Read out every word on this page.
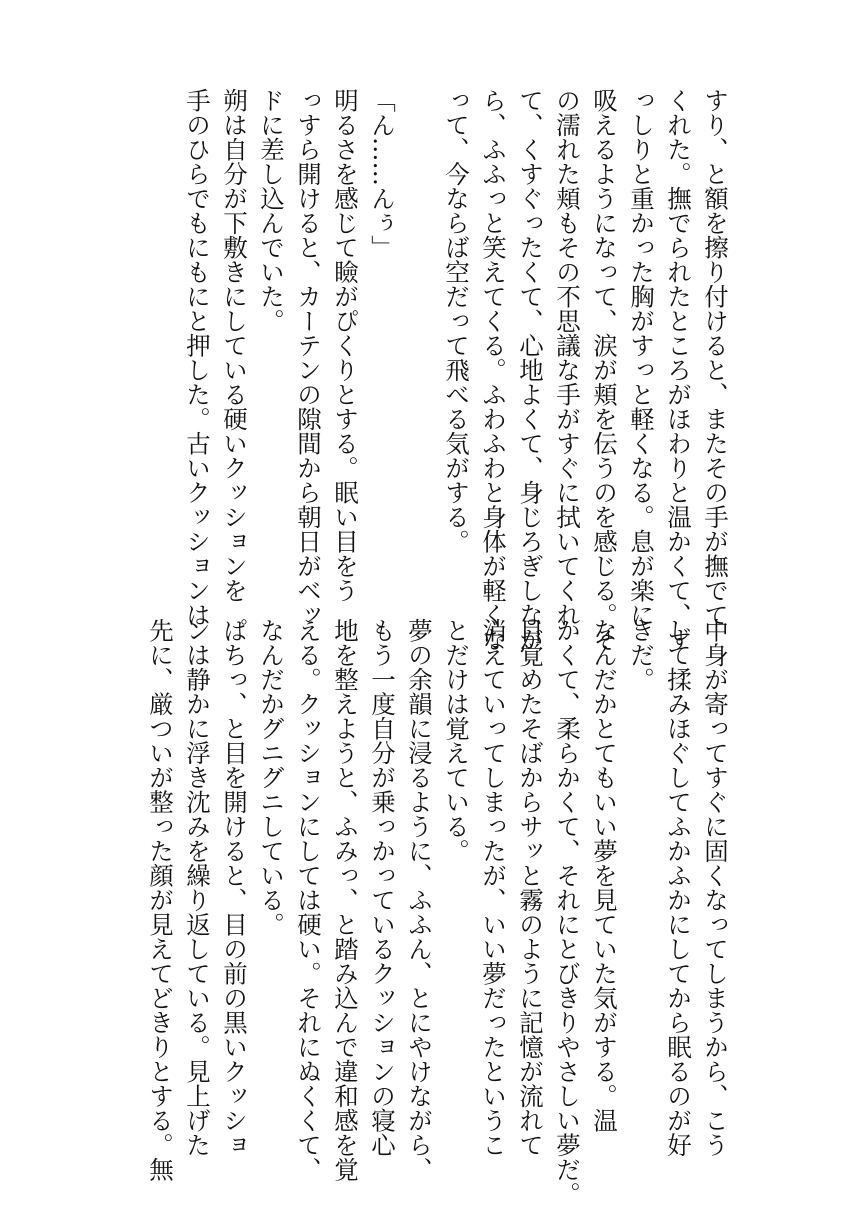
すり、と額を擦り付けると、またその手が撫でて
くれた。撫でられたところがほわりと温かくて、ず
っしりと重かった胸がすっと軽くなる。息が楽に
吸えるようになって、涙が頬を伝うのを感じる。そ
の濡れた頬もその不思議な手がすぐに拭いてくれ
て、くすぐったくて、心地よくて、身じろぎしなが
ら、ふふっと笑えてくる。ふわふわと身体が軽くな
って、今ならば空だって飛べる気がする。
「ん……んぅ」
明るさを感じて瞼がぴくりとする。眠い目をう
っすら開けると、カーテンの隙間から朝日がベッ
ドに差し込んでいた。
朔は自分が下敷きにしている硬いクッションを
手のひらでもにもにと押した。古いクッションは
中身が寄ってすぐに固くなってしまうから、こう
して揉みほぐしてふかふかにしてから眠るのが好
きだ。
なんだかとてもいい夢を見ていた気がする。温
かくて、柔らかくて、それにとびきりやさしい夢だ。
目覚めたそばからサッと霧のように記憶が流れて
消えていってしまったが、いい夢だったというこ
とだけは覚えている。
夢の余韻に浸るように、ふふん、とにやけながら、
もう一度自分が乗っかっているクッションの寝心
地を整えようと、ふみっ、と踏み込んで違和感を覚
える。クッションにしては硬い。それにぬくくて、
なんだかグニグニしている。
ぱちっ、と目を開けると、目の前の黒いクッショ
ンは静かに浮き沈みを繰り返している。見上げた
先に、厳ついが整った顔が見えてどきりとする。無
